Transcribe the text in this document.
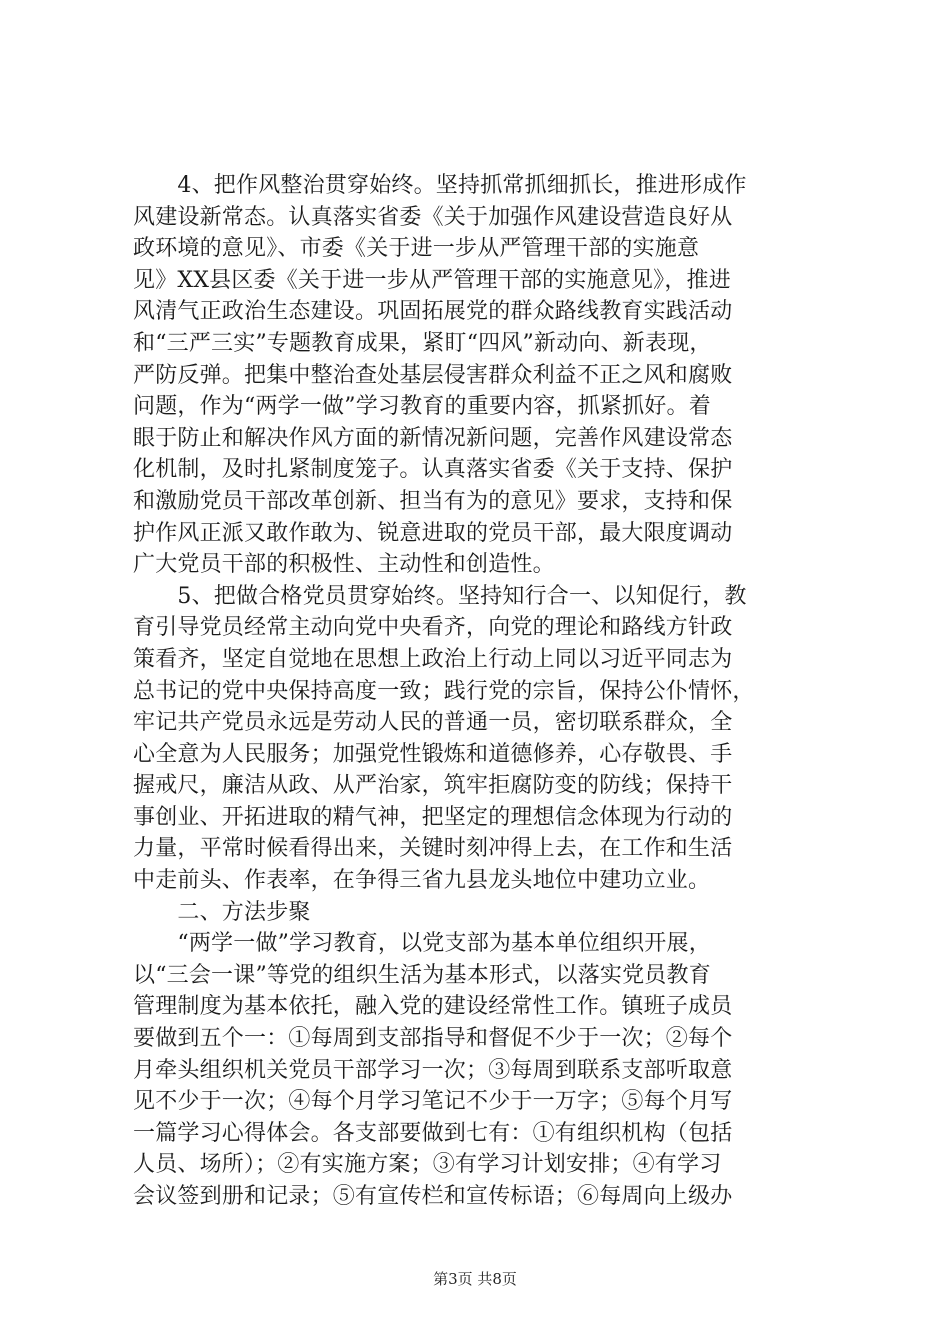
　　4、把作风整治贯穿始终。坚持抓常抓细抓长，推进形成作
风建设新常态。认真落实省委《关于加强作风建设营造良好从
政环境的意见》、市委《关于进一步从严管理干部的实施意
见》XX县区委《关于进一步从严管理干部的实施意见》，推进
风清气正政治生态建设。巩固拓展党的群众路线教育实践活动
和“三严三实”专题教育成果，紧盯“四风”新动向、新表现，
严防反弹。把集中整治查处基层侵害群众利益不正之风和腐败
问题，作为“两学一做”学习教育的重要内容，抓紧抓好。着
眼于防止和解决作风方面的新情况新问题，完善作风建设常态
化机制，及时扎紧制度笼子。认真落实省委《关于支持、保护
和激励党员干部改革创新、担当有为的意见》要求，支持和保
护作风正派又敢作敢为、锐意进取的党员干部，最大限度调动
广大党员干部的积极性、主动性和创造性。
　　5、把做合格党员贯穿始终。坚持知行合一、以知促行，教
育引导党员经常主动向党中央看齐，向党的理论和路线方针政
策看齐，坚定自觉地在思想上政治上行动上同以习近平同志为
总书记的党中央保持高度一致；践行党的宗旨，保持公仆情怀，
牢记共产党员永远是劳动人民的普通一员，密切联系群众，全
心全意为人民服务；加强党性锻炼和道德修养，心存敬畏、手
握戒尺，廉洁从政、从严治家，筑牢拒腐防变的防线；保持干
事创业、开拓进取的精气神，把坚定的理想信念体现为行动的
力量，平常时候看得出来，关键时刻冲得上去，在工作和生活
中走前头、作表率，在争得三省九县龙头地位中建功立业。
　　二、方法步聚
　　“两学一做”学习教育，以党支部为基本单位组织开展，
以“三会一课”等党的组织生活为基本形式，以落实党员教育
管理制度为基本依托，融入党的建设经常性工作。镇班子成员
要做到五个一：①每周到支部指导和督促不少于一次；②每个
月牵头组织机关党员干部学习一次；③每周到联系支部听取意
见不少于一次；④每个月学习笔记不少于一万字；⑤每个月写
一篇学习心得体会。各支部要做到七有：①有组织机构（包括
人员、场所）；②有实施方案；③有学习计划安排；④有学习
会议签到册和记录；⑤有宣传栏和宣传标语；⑥每周向上级办
第3页 共8页
